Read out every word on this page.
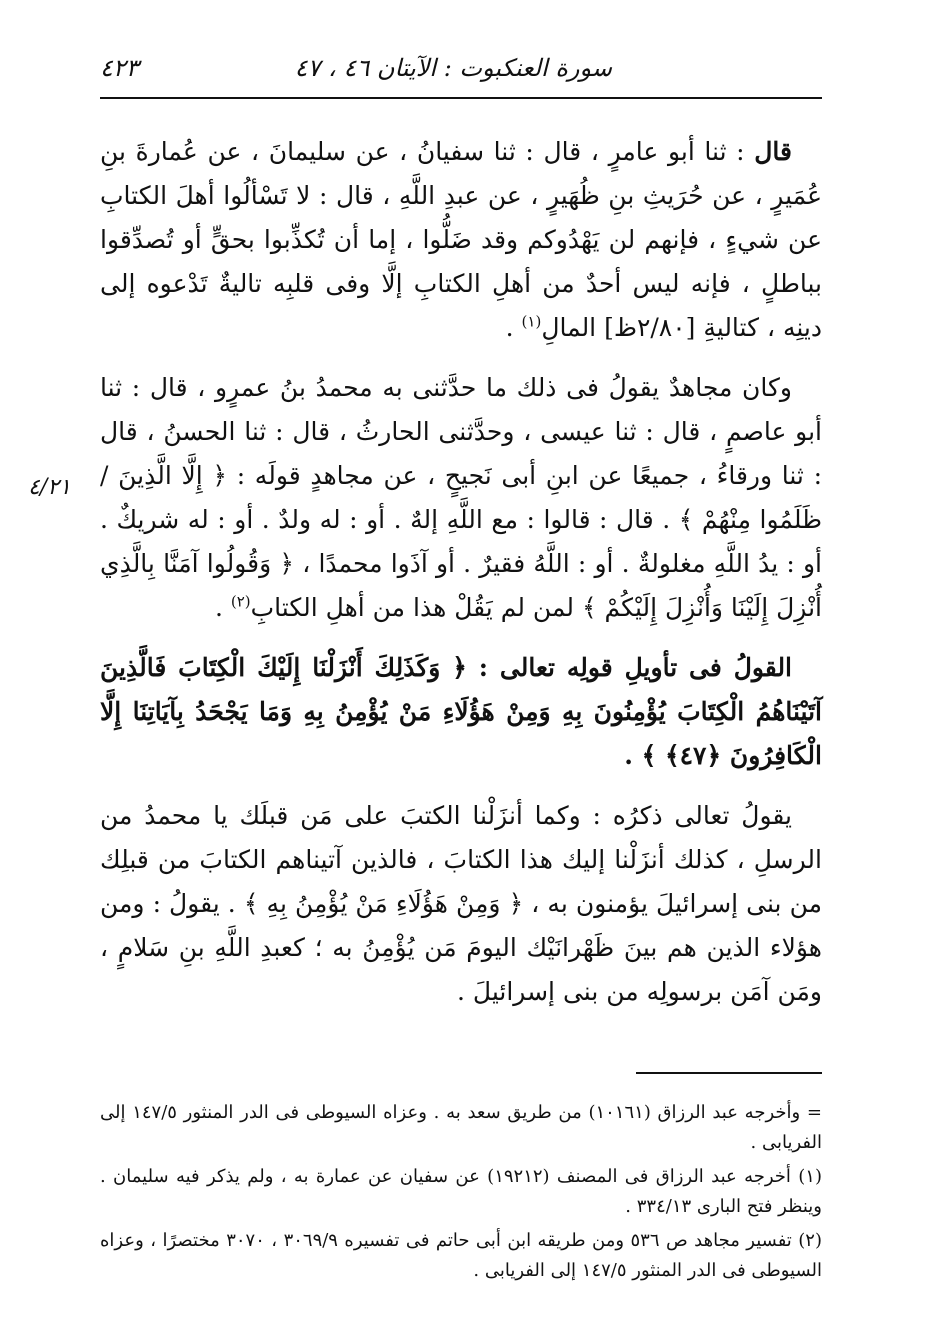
سورة العنكبوت : الآيتان ٤٦ ، ٤٧
٤٢٣
٤/٢١

قال : ثنا أبو عامرٍ ، قال : ثنا سفيانُ ، عن سليمانَ ، عن عُمارةَ بنِ عُمَيرٍ ، عن حُرَيثِ بنِ ظُهَيرٍ ، عن عبدِ اللَّهِ ، قال : لا تَسْألُوا أهلَ الكتابِ عن شيءٍ ، فإنهم لن يَهْدُوكم وقد ضَلُّوا ، إما أن تُكذِّبوا بحقٍّ أو تُصدِّقوا بباطلٍ ، فإنه ليس أحدٌ من أهلِ الكتابِ إلَّا وفى قلبِه تاليةٌ تَدْعوه إلى دينِه ، كتاليةِ [٢/٨٠ظ] المالِ$^{(١)}$ .

وكان مجاهدٌ يقولُ فى ذلك ما حدَّثنى به محمدُ بنُ عمرٍو ، قال : ثنا أبو عاصمٍ ، قال : ثنا عيسى ، وحدَّثنى الحارثُ ، قال : ثنا الحسنُ ، قال : ثنا ورقاءُ ، جميعًا عن ابنِ أبى نَجيحٍ ، عن مجاهدٍ قولَه : ﴿ إِلَّا الَّذِينَ / ظَلَمُوا مِنْهُمْ ﴾ . قال : قالوا : مع اللَّهِ إلهٌ . أو : له ولدٌ . أو : له شريكٌ . أو : يدُ اللَّهِ مغلولةٌ . أو : اللَّهُ فقيرٌ . أو آذَوا محمدًا ، ﴿ وَقُولُوا آمَنَّا بِالَّذِي أُنْزِلَ إِلَيْنَا وَأُنْزِلَ إِلَيْكُمْ ﴾ لمن لم يَقُلْ هذا من أهلِ الكتابِ$^{(٢)}$ .

القولُ فى تأويلِ قولِه تعالى : ﴿ وَكَذَلِكَ أَنْزَلْنَا إِلَيْكَ الْكِتَابَ فَالَّذِينَ آتَيْنَاهُمُ الْكِتَابَ يُؤْمِنُونَ بِهِ وَمِنْ هَؤُلَاءِ مَنْ يُؤْمِنُ بِهِ وَمَا يَجْحَدُ بِآيَاتِنَا إِلَّا الْكَافِرُونَ ﴿٤٧﴾ ﴾ .

يقولُ تعالى ذكرُه : وكما أنزَلْنا الكتبَ على مَن قبلَك يا محمدُ من الرسلِ ، كذلك أنزَلْنا إليك هذا الكتابَ ، فالذين آتيناهم الكتابَ من قبلِك من بنى إسرائيلَ يؤمنون به ، ﴿ وَمِنْ هَؤُلَاءِ مَنْ يُؤْمِنُ بِهِ ﴾ . يقولُ : ومن هؤلاء الذين هم بينَ ظَهْرانَيْك اليومَ مَن يُؤْمِنُ به ؛ كعبدِ اللَّهِ بنِ سَلامٍ ، ومَن آمَن برسولِه من بنى إسرائيلَ .

= وأخرجه عبد الرزاق (١٠١٦١) من طريق سعد به . وعزاه السيوطى فى الدر المنثور ١٤٧/٥ إلى الفريابى .

(١) أخرجه عبد الرزاق فى المصنف (١٩٢١٢) عن سفيان عن عمارة به ، ولم يذكر فيه سليمان . وينظر فتح البارى ٣٣٤/١٣ .

(٢) تفسير مجاهد ص ٥٣٦ ومن طريقه ابن أبى حاتم فى تفسيره ٣٠٦٩/٩ ، ٣٠٧٠ مختصرًا ، وعزاه السيوطى فى الدر المنثور ١٤٧/٥ إلى الفريابى .
